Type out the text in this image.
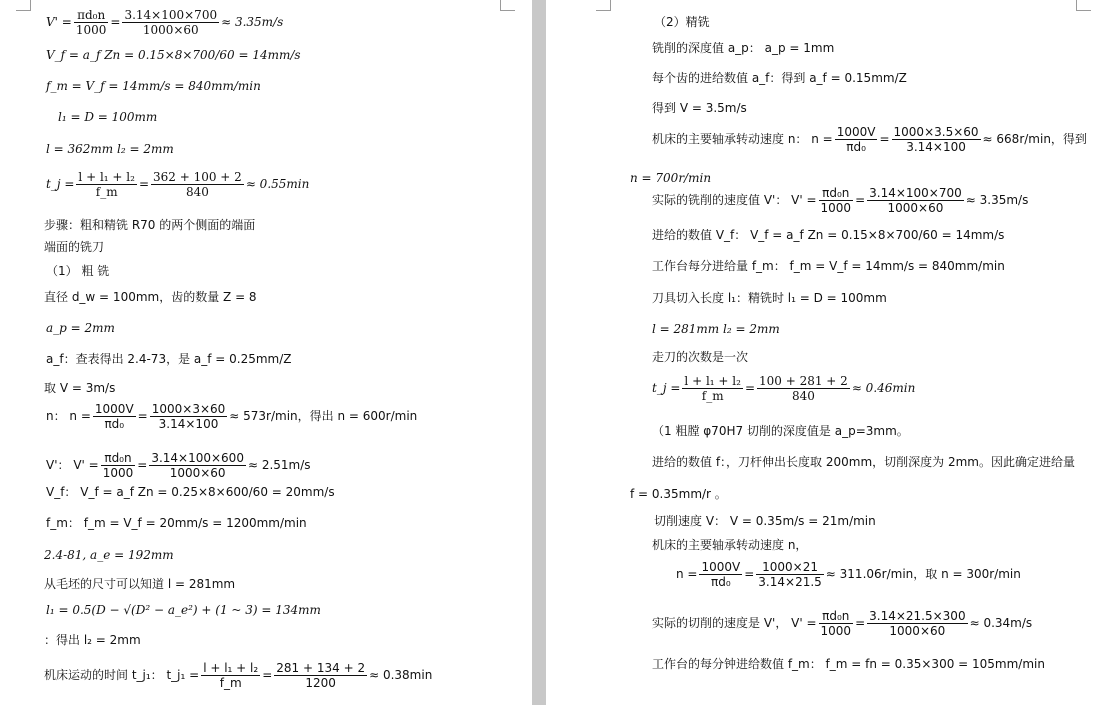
$V' = \frac{\text{πd₀n}}{1000} = \frac{3.14\times 100\times 700}{1000\times 60} \approx 3.35m/s$
V_f = a_f Zn = 0.15×8×700/60 = 14mm/s
f_m = V_f = 14mm/s = 840mm/min
l₁ = D = 100mm
l = 362mm l₂ = 2mm
t_j = $\frac{\text{l + l₁ + l₂}}{f\_m} = \frac{362 + 100 + 2}{840} \approx 0.55\min$
步骤：粗和精铣 R70 的两个侧面的端面
端面的铣刀
（1） 粗 铣
直径 d_w = 100mm，齿的数量 Z = 8
a_p = 2mm
a_f：查表得出 2.4-73，是 a_f = 0.25mm/Z
取 V = 3m/s
n： $n = \frac{1000V}{\text{πd₀}} = \frac{1000\times 3\times 60}{3.14\times 100} \approx 573r/\min$，得出 n = 600r/min
V'： $V' = \frac{\text{πd₀n}}{1000} = \frac{3.14\times 100\times 600}{1000\times 60} \approx 2.51m/s$
V_f： V_f = a_f Zn = 0.25×8×600/60 = 20mm/s
f_m： f_m = V_f = 20mm/s = 1200mm/min
2.4-81, a_e = 192mm
从毛坯的尺寸可以知道 l = 281mm
l₁ = 0.5(D − √(D² − a_e²) + (1 ~ 3) = 134mm
：得出 l₂ = 2mm
机床运动的时间 t_j₁： t_j₁ = $\frac{\text{l + l₁ + l₂}}{f\_m} = \frac{281 + 134 + 2}{1200} \approx 0.38\min$
（2）精铣
铣削的深度值 a_p： a_p = 1mm
每个齿的进给数值 a_f：得到 a_f = 0.15mm/Z
得到 V = 3.5m/s
机床的主要轴承转动速度 n： $n = \frac{1000V}{\text{πd₀}} = \frac{1000\times 3.5\times 60}{3.14\times 100} \approx 668r/\min$，得到
n = 700r/min
实际的铣削的速度值 V'： $V' = \frac{\text{πd₀n}}{1000} = \frac{3.14\times 100\times 700}{1000\times 60} \approx 3.35m/s$
进给的数值 V_f： V_f = a_f Zn = 0.15×8×700/60 = 14mm/s
工作台每分进给量 f_m： f_m = V_f = 14mm/s = 840mm/min
刀具切入长度 l₁：精铣时 l₁ = D = 100mm
l = 281mm l₂ = 2mm
走刀的次数是一次
t_j = $\frac{\text{l + l₁ + l₂}}{f\_m} = \frac{100 + 281 + 2}{840} \approx 0.46\min$
（1 粗膛 φ70H7 切削的深度值是 a_p=3mm。
进给的数值 f：，刀杆伸出长度取 200mm，切削深度为 2mm。因此确定进给量
f = 0.35mm/r 。
切削速度 V： V = 0.35m/s = 21m/min
机床的主要轴承转动速度 n，
$n = \frac{1000V}{\text{πd₀}} = \frac{1000\times 21}{3.14\times 21.5} \approx 311.06r/\min$，取 n = 300r/min
实际的切削的速度是 V'， $V' = \frac{\text{πd₀n}}{1000} = \frac{3.14\times 21.5\times 300}{1000\times 60} \approx 0.34m/s$
工作台的每分钟进给数值 f_m： f_m = fn = 0.35×300 = 105mm/min
